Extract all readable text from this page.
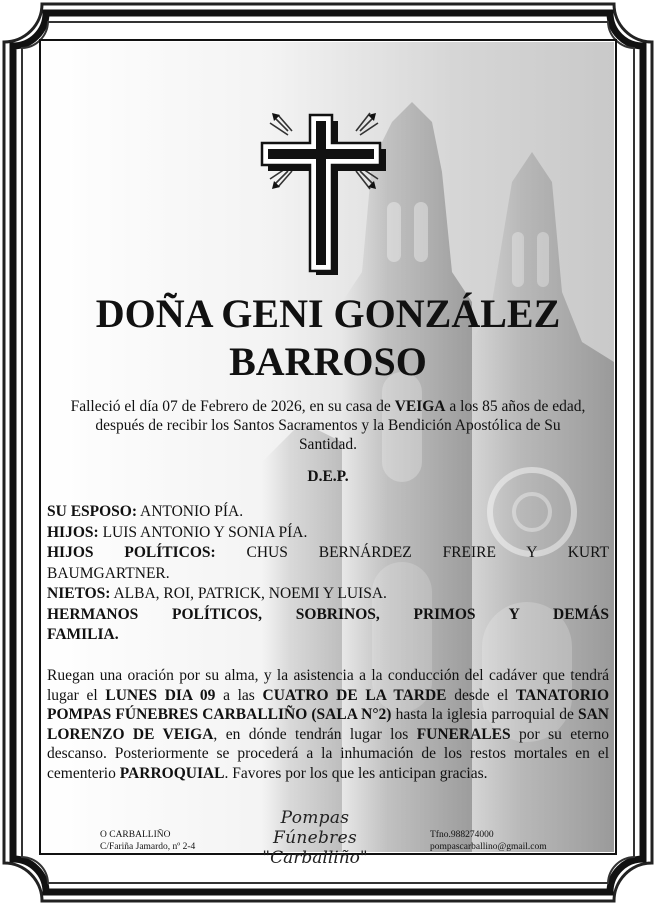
DOÑA GENI GONZÁLEZ
BARROSO

Falleció el día 07 de Febrero de 2026, en su casa de VEIGA a los 85 años de edad,
después de recibir los Santos Sacramentos y la Bendición Apostólica de Su
Santidad.

D.E.P.

SU ESPOSO: ANTONIO PÍA.

HIJOS: LUIS ANTONIO Y SONIA PÍA.

HIJOS POLÍTICOS: CHUS BERNÁRDEZ FREIRE Y KURT

BAUMGARTNER.

NIETOS: ALBA, ROI, PATRICK, NOEMI Y LUISA.

HERMANOS POLÍTICOS, SOBRINOS, PRIMOS Y DEMÁS

FAMILIA.

Ruegan una oración por su alma, y la asistencia a la conducción del cadáver que tendrá lugar el LUNES DIA 09 a las CUATRO DE LA TARDE desde el TANATORIO POMPAS FÚNEBRES CARBALLIÑO (SALA N°2) hasta la iglesia parroquial de SAN LORENZO DE VEIGA, en dónde tendrán lugar los FUNERALES por su eterno descanso. Posteriormente se procederá a la inhumación de los restos mortales en el cementerio PARROQUIAL. Favores por los que les anticipan gracias.

O CARBALLIÑO
C/Fariña Jamardo, nº 2-4
Pompas Fúnebres
"Carballiño"
Tfno.988274000
pompascarballino@gmail.com
